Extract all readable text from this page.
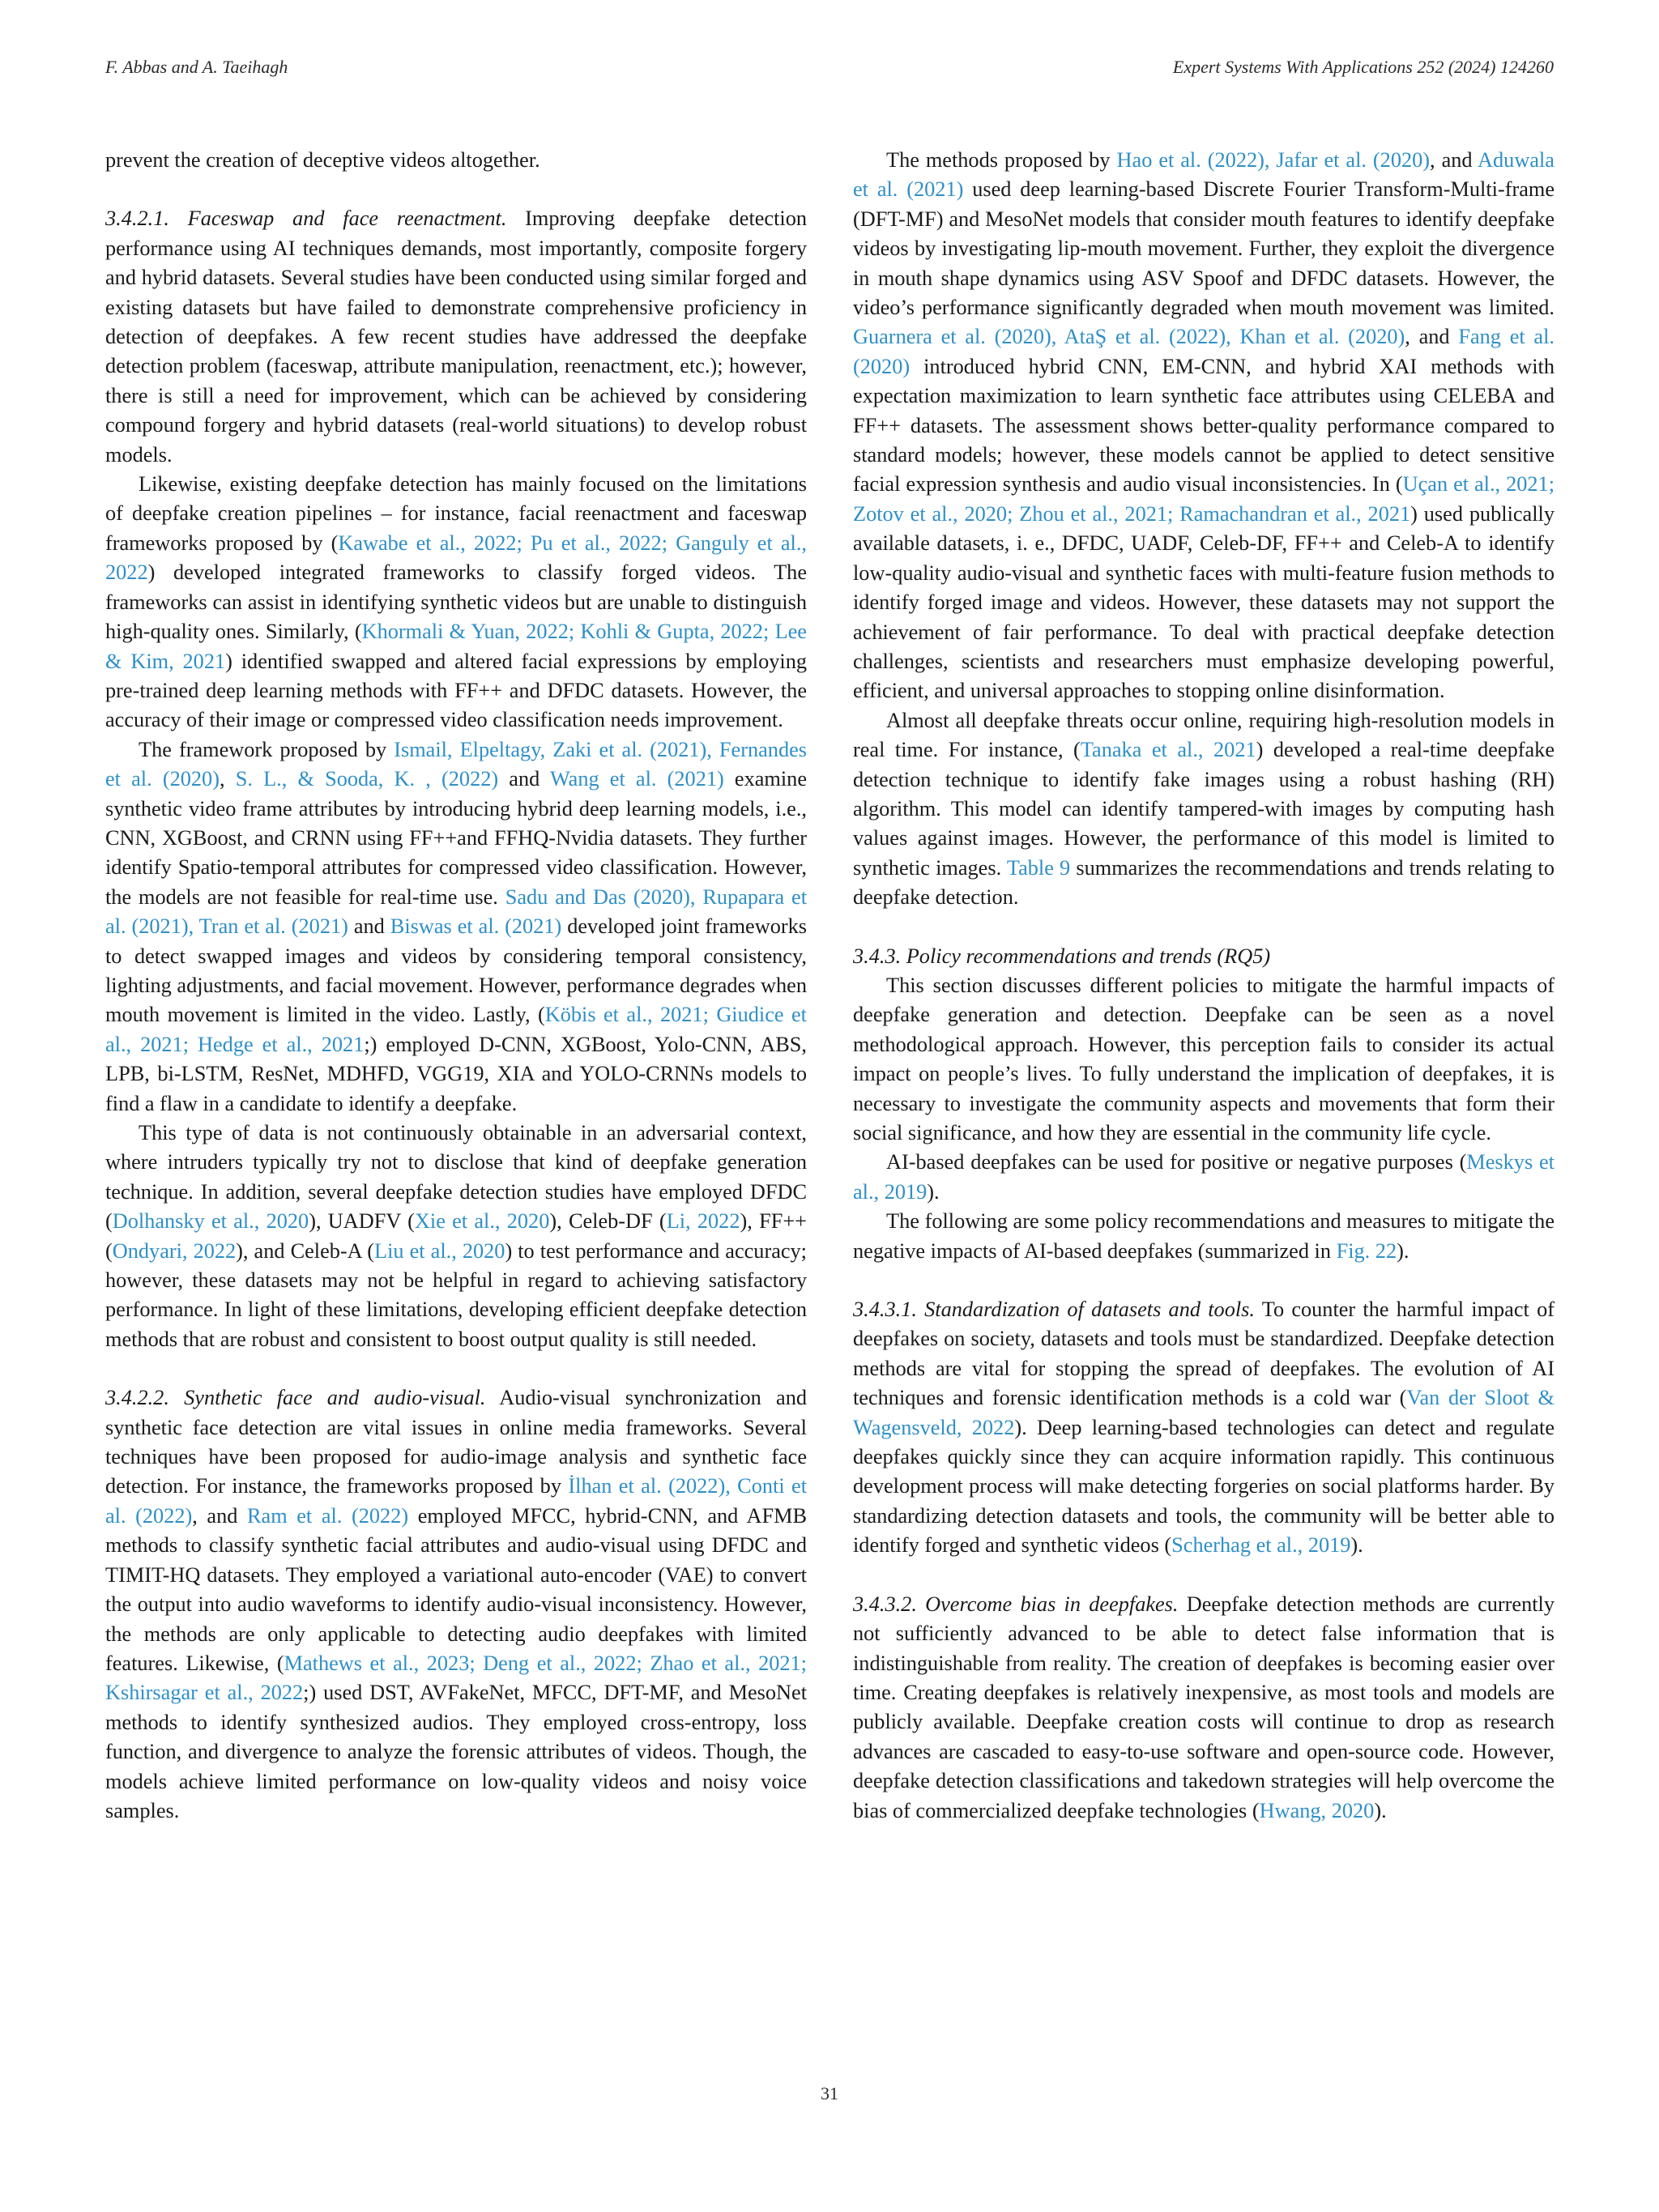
F. Abbas and A. Taeihagh	Expert Systems With Applications 252 (2024) 124260

prevent the creation of deceptive videos altogether.

3.4.2.1. Faceswap and face reenactment. Improving deepfake detection performance using AI techniques demands, most importantly, composite forgery and hybrid datasets. Several studies have been conducted using similar forged and existing datasets but have failed to demonstrate comprehensive proficiency in detection of deepfakes. A few recent studies have addressed the deepfake detection problem (faceswap, attribute manipulation, reenactment, etc.); however, there is still a need for improvement, which can be achieved by considering compound forgery and hybrid datasets (real-world situations) to develop robust models.

Likewise, existing deepfake detection has mainly focused on the limitations of deepfake creation pipelines – for instance, facial reenactment and faceswap frameworks proposed by (Kawabe et al., 2022; Pu et al., 2022; Ganguly et al., 2022) developed integrated frameworks to classify forged videos. The frameworks can assist in identifying synthetic videos but are unable to distinguish high-quality ones. Similarly, (Khormali & Yuan, 2022; Kohli & Gupta, 2022; Lee & Kim, 2021) identified swapped and altered facial expressions by employing pre-trained deep learning methods with FF++ and DFDC datasets. However, the accuracy of their image or compressed video classification needs improvement.

The framework proposed by Ismail, Elpeltagy, Zaki et al. (2021), Fernandes et al. (2020), S. L., & Sooda, K. , (2022) and Wang et al. (2021) examine synthetic video frame attributes by introducing hybrid deep learning models, i.e., CNN, XGBoost, and CRNN using FF++and FFHQ-Nvidia datasets. They further identify Spatio-temporal attributes for compressed video classification. However, the models are not feasible for real-time use. Sadu and Das (2020), Rupapara et al. (2021), Tran et al. (2021) and Biswas et al. (2021) developed joint frameworks to detect swapped images and videos by considering temporal consistency, lighting adjustments, and facial movement. However, performance degrades when mouth movement is limited in the video. Lastly, (Köbis et al., 2021; Giudice et al., 2021; Hedge et al., 2021;) employed D-CNN, XGBoost, Yolo-CNN, ABS, LPB, bi-LSTM, ResNet, MDHFD, VGG19, XIA and YOLO-CRNNs models to find a flaw in a candidate to identify a deepfake.

This type of data is not continuously obtainable in an adversarial context, where intruders typically try not to disclose that kind of deepfake generation technique. In addition, several deepfake detection studies have employed DFDC (Dolhansky et al., 2020), UADFV (Xie et al., 2020), Celeb-DF (Li, 2022), FF++ (Ondyari, 2022), and Celeb-A (Liu et al., 2020) to test performance and accuracy; however, these datasets may not be helpful in regard to achieving satisfactory performance. In light of these limitations, developing efficient deepfake detection methods that are robust and consistent to boost output quality is still needed.

3.4.2.2. Synthetic face and audio-visual. Audio-visual synchronization and synthetic face detection are vital issues in online media frameworks. Several techniques have been proposed for audio-image analysis and synthetic face detection. For instance, the frameworks proposed by İlhan et al. (2022), Conti et al. (2022), and Ram et al. (2022) employed MFCC, hybrid-CNN, and AFMB methods to classify synthetic facial attributes and audio-visual using DFDC and TIMIT-HQ datasets. They employed a variational auto-encoder (VAE) to convert the output into audio waveforms to identify audio-visual inconsistency. However, the methods are only applicable to detecting audio deepfakes with limited features. Likewise, (Mathews et al., 2023; Deng et al., 2022; Zhao et al., 2021; Kshirsagar et al., 2022;) used DST, AVFakeNet, MFCC, DFT-MF, and MesoNet methods to identify synthesized audios. They employed cross-entropy, loss function, and divergence to analyze the forensic attributes of videos. Though, the models achieve limited performance on low-quality videos and noisy voice samples.

The methods proposed by Hao et al. (2022), Jafar et al. (2020), and Aduwala et al. (2021) used deep learning-based Discrete Fourier Transform-Multi-frame (DFT-MF) and MesoNet models that consider mouth features to identify deepfake videos by investigating lip-mouth movement. Further, they exploit the divergence in mouth shape dynamics using ASV Spoof and DFDC datasets. However, the video’s performance significantly degraded when mouth movement was limited. Guarnera et al. (2020), AtaŞ et al. (2022), Khan et al. (2020), and Fang et al. (2020) introduced hybrid CNN, EM-CNN, and hybrid XAI methods with expectation maximization to learn synthetic face attributes using CELEBA and FF++ datasets. The assessment shows better-quality performance compared to standard models; however, these models cannot be applied to detect sensitive facial expression synthesis and audio visual inconsistencies. In (Uçan et al., 2021; Zotov et al., 2020; Zhou et al., 2021; Ramachandran et al., 2021) used publically available datasets, i. e., DFDC, UADF, Celeb-DF, FF++ and Celeb-A to identify low-quality audio-visual and synthetic faces with multi-feature fusion methods to identify forged image and videos. However, these datasets may not support the achievement of fair performance. To deal with practical deepfake detection challenges, scientists and researchers must emphasize developing powerful, efficient, and universal approaches to stopping online disinformation.

Almost all deepfake threats occur online, requiring high-resolution models in real time. For instance, (Tanaka et al., 2021) developed a real-time deepfake detection technique to identify fake images using a robust hashing (RH) algorithm. This model can identify tampered-with images by computing hash values against images. However, the performance of this model is limited to synthetic images. Table 9 summarizes the recommendations and trends relating to deepfake detection.

3.4.3. Policy recommendations and trends (RQ5)

This section discusses different policies to mitigate the harmful impacts of deepfake generation and detection. Deepfake can be seen as a novel methodological approach. However, this perception fails to consider its actual impact on people’s lives. To fully understand the implication of deepfakes, it is necessary to investigate the community aspects and movements that form their social significance, and how they are essential in the community life cycle.

AI-based deepfakes can be used for positive or negative purposes (Meskys et al., 2019).

The following are some policy recommendations and measures to mitigate the negative impacts of AI-based deepfakes (summarized in Fig. 22).

3.4.3.1. Standardization of datasets and tools. To counter the harmful impact of deepfakes on society, datasets and tools must be standardized. Deepfake detection methods are vital for stopping the spread of deepfakes. The evolution of AI techniques and forensic identification methods is a cold war (Van der Sloot & Wagensveld, 2022). Deep learning-based technologies can detect and regulate deepfakes quickly since they can acquire information rapidly. This continuous development process will make detecting forgeries on social platforms harder. By standardizing detection datasets and tools, the community will be better able to identify forged and synthetic videos (Scherhag et al., 2019).

3.4.3.2. Overcome bias in deepfakes. Deepfake detection methods are currently not sufficiently advanced to be able to detect false information that is indistinguishable from reality. The creation of deepfakes is becoming easier over time. Creating deepfakes is relatively inexpensive, as most tools and models are publicly available. Deepfake creation costs will continue to drop as research advances are cascaded to easy-to-use software and open-source code. However, deepfake detection classifications and takedown strategies will help overcome the bias of commercialized deepfake technologies (Hwang, 2020).

31
